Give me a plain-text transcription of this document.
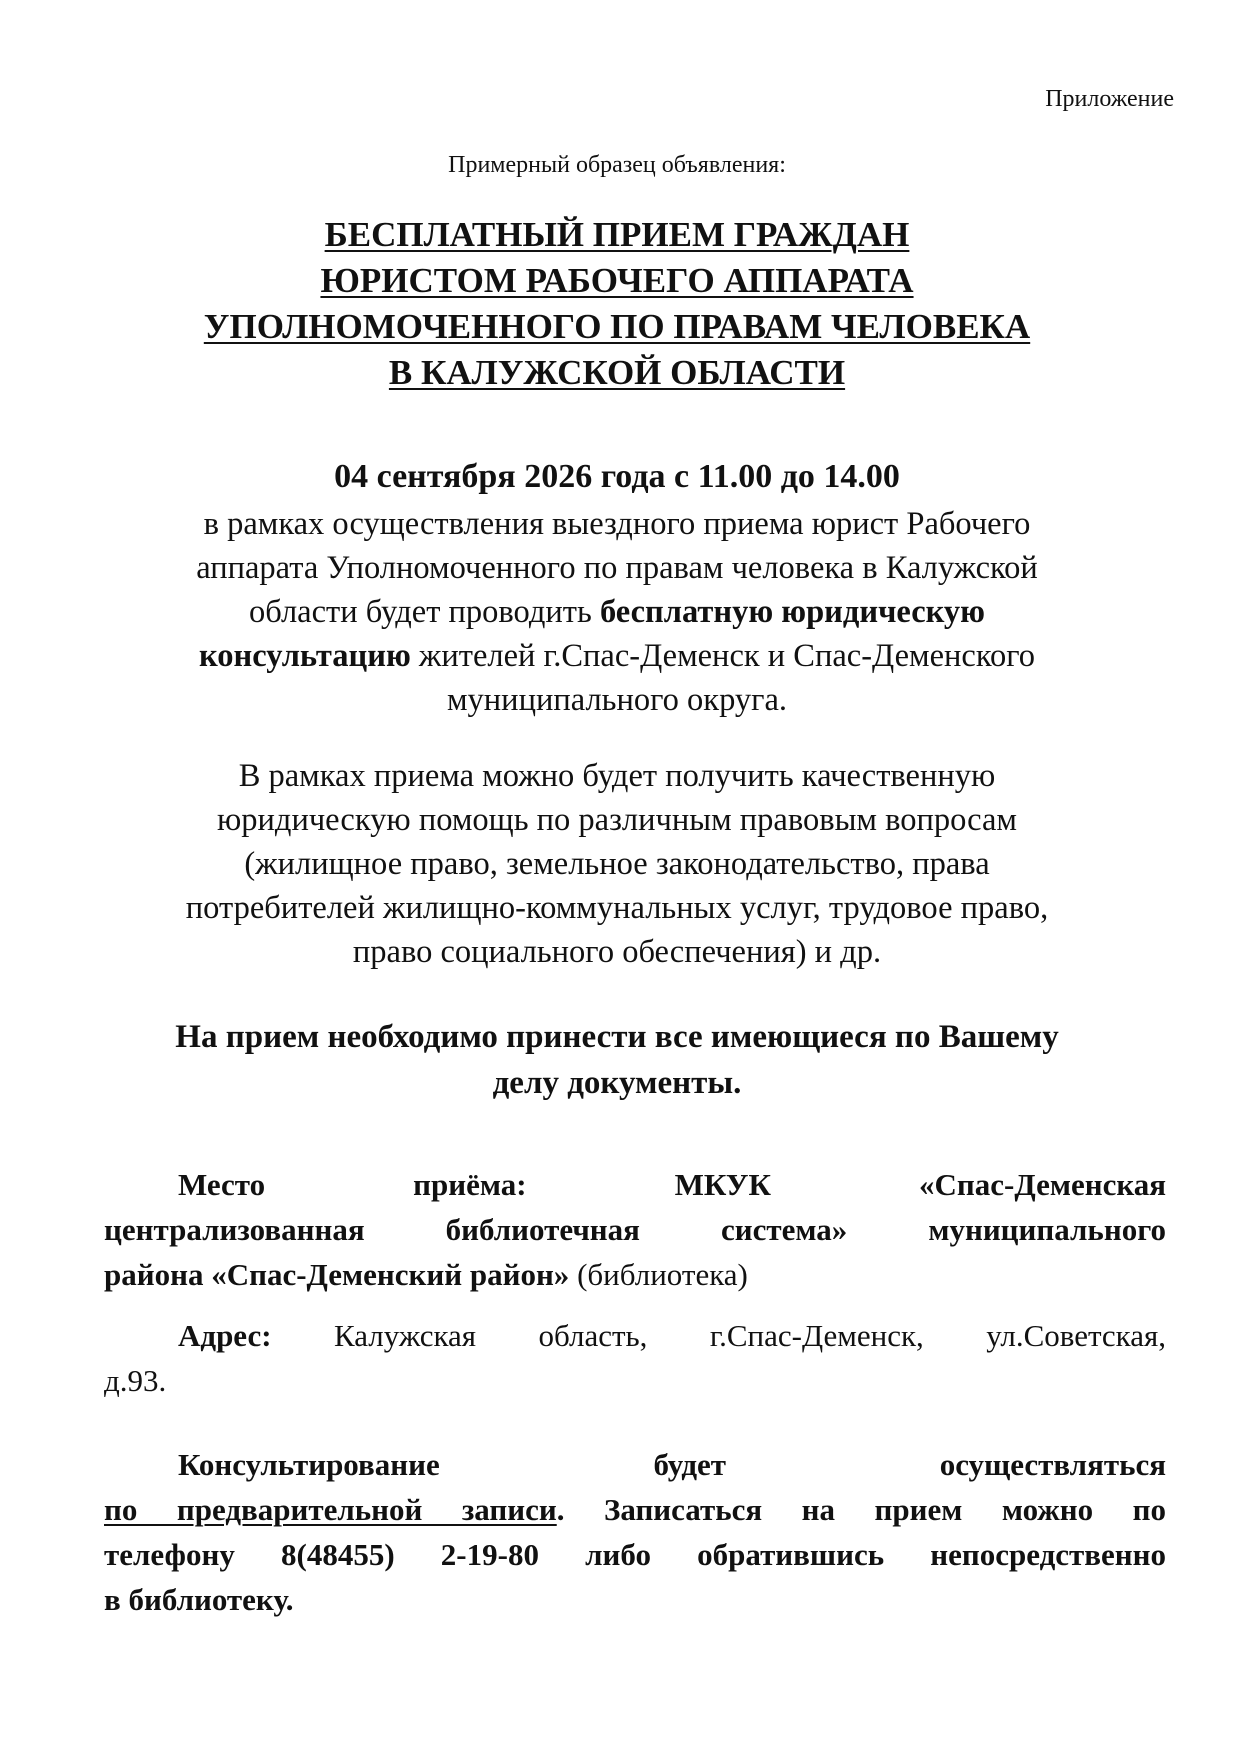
Приложение
Примерный образец объявления:
БЕСПЛАТНЫЙ ПРИЕМ ГРАЖДАН
ЮРИСТОМ РАБОЧЕГО АППАРАТА
УПОЛНОМОЧЕННОГО ПО ПРАВАМ ЧЕЛОВЕКА
В КАЛУЖСКОЙ ОБЛАСТИ
04 сентября 2026 года с 11.00 до 14.00
в рамках осуществления выездного приема юрист Рабочего
аппарата Уполномоченного по правам человека в Калужской
области будет проводить бесплатную юридическую
консультацию жителей г.Спас-Деменск и Спас-Деменского
муниципального округа.
В рамках приема можно будет получить качественную
юридическую помощь по различным правовым вопросам
(жилищное право, земельное законодательство, права
потребителей жилищно-коммунальных услуг, трудовое право,
право социального обеспечения) и др.
На прием необходимо принести все имеющиеся по Вашему
делу документы.
Место приёма: МКУК «Спас-Деменская
централизованная библиотечная система» муниципального
района «Спас-Деменский район» (библиотека)
Адрес: Калужская область, г.Спас-Деменск, ул.Советская,
д.93.
Консультирование будет осуществляться
по предварительной записи. Записаться на прием можно по
телефону 8(48455) 2-19-80 либо обратившись непосредственно
в библиотеку.
